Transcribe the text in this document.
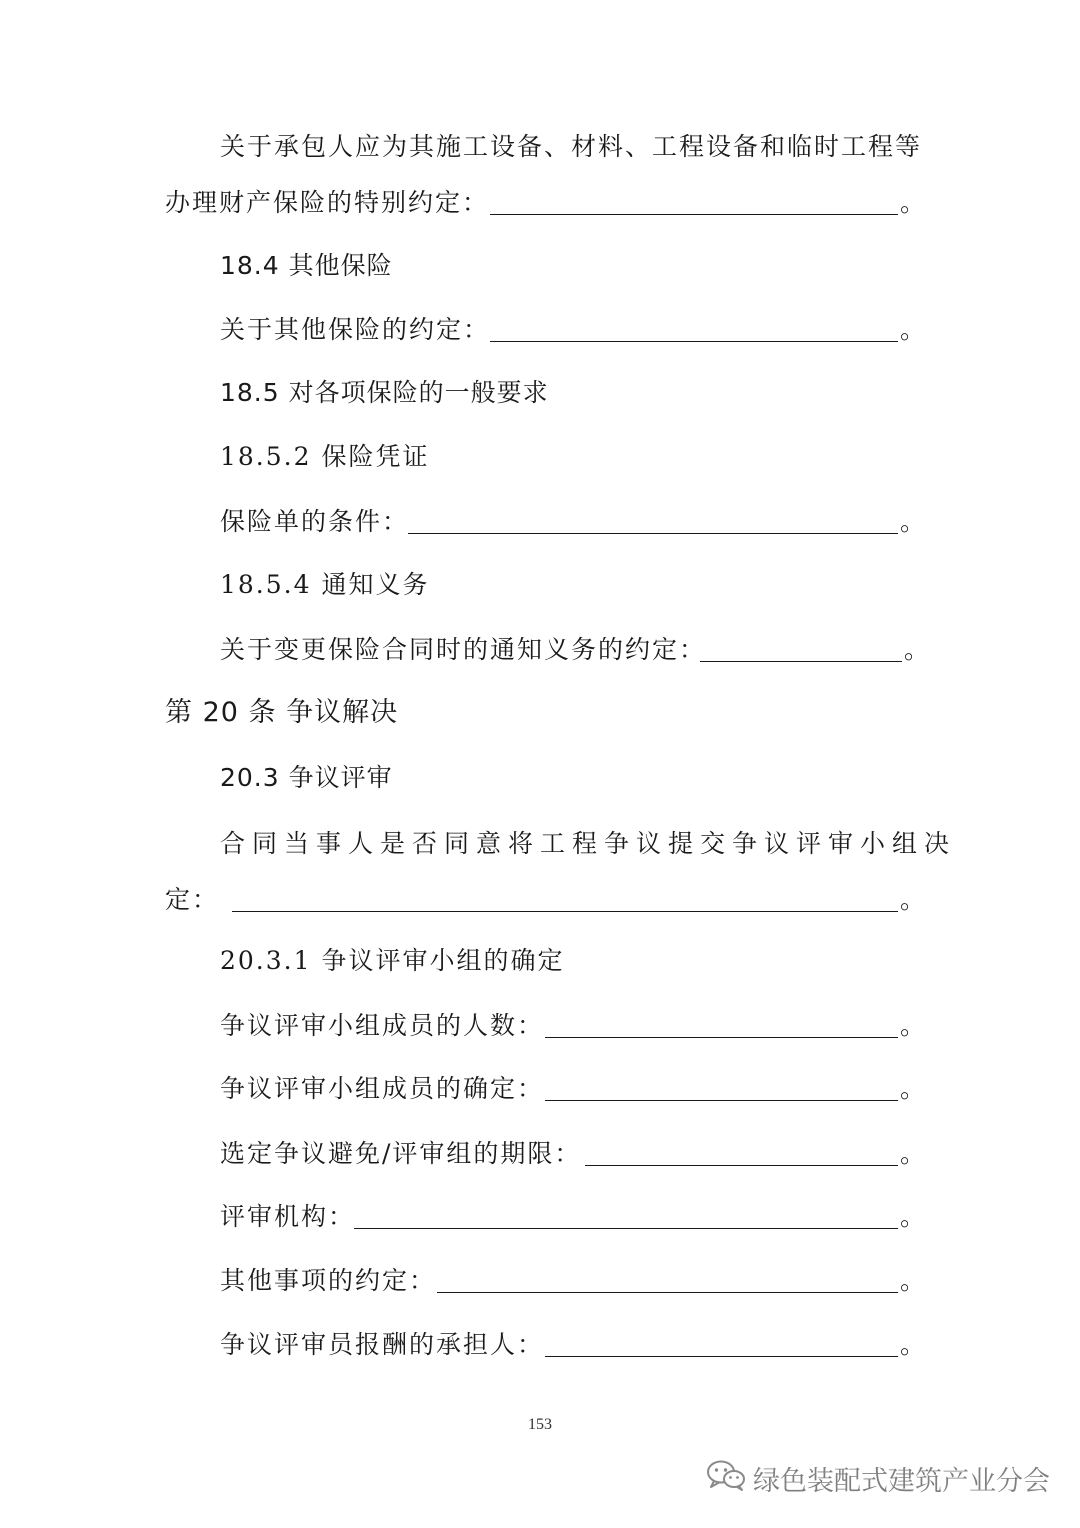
关于承包人应为其施工设备、材料、工程设备和临时工程等
办理财产保险的特别约定：	。
18.4 其他保险
关于其他保险的约定：	。
18.5 对各项保险的一般要求
18.5.2 保险凭证
保险单的条件：	。
18.5.4 通知义务
关于变更保险合同时的通知义务的约定：	。
第 20 条 争议解决
20.3 争议评审
合同当事人是否同意将工程争议提交争议评审小组决
定：	。
20.3.1 争议评审小组的确定
争议评审小组成员的人数：	。
争议评审小组成员的确定：	。
选定争议避免/评审组的期限：	。
评审机构：	。
其他事项的约定：	。
争议评审员报酬的承担人：	。
153
绿色装配式建筑产业分会
